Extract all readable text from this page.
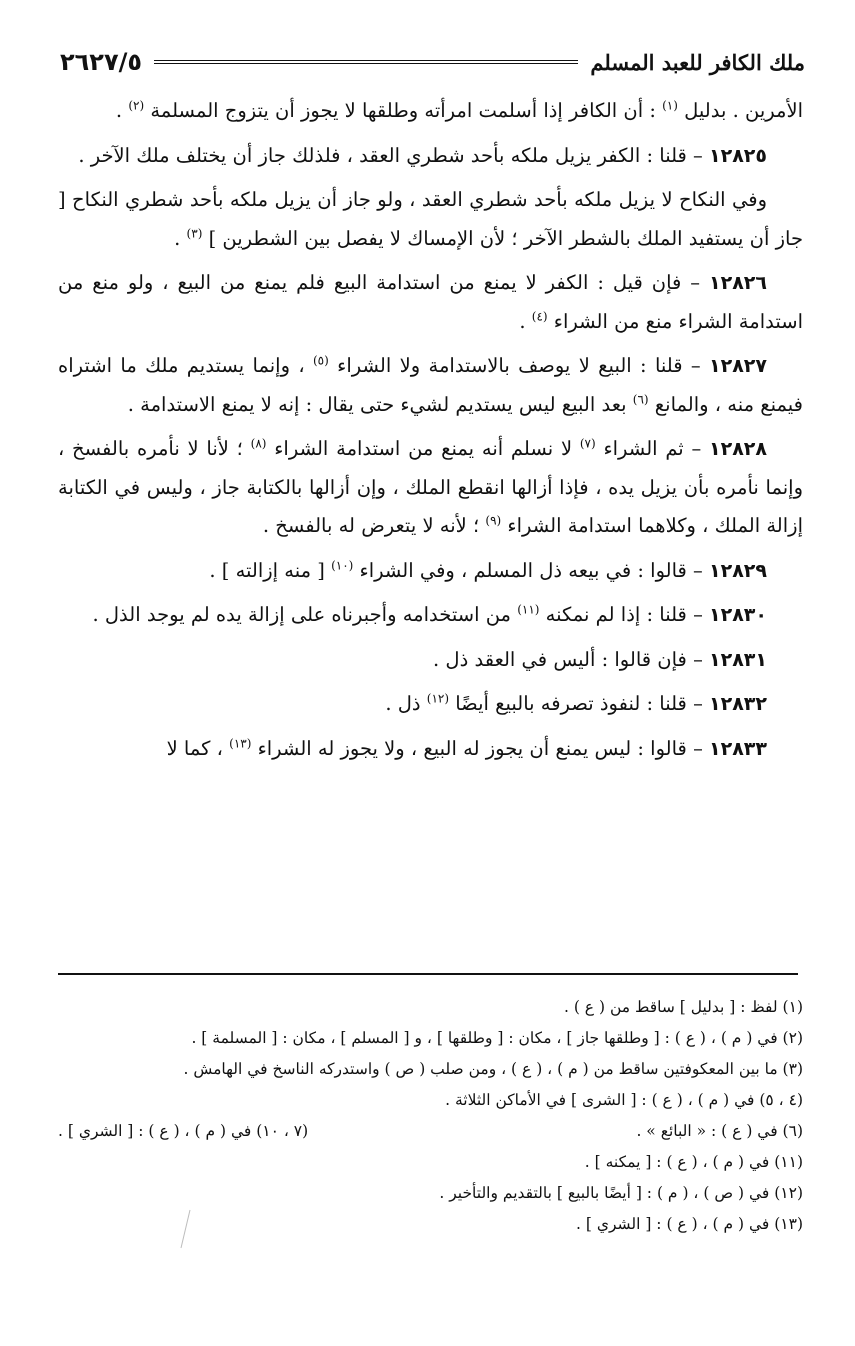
٢٦٢٧/٥	ملك الكافر للعبد المسلم

الأمرين . بدليل $^{(١)}$ : أن الكافر إذا أسلمت امرأته وطلقها لا يجوز أن يتزوج المسلمة $^{(٢)}$ .

١٢٨٢٥ – قلنا : الكفر يزيل ملكه بأحد شطري العقد ، فلذلك جاز أن يختلف ملك الآخر .

وفي النكاح لا يزيل ملكه بأحد شطري العقد ، ولو جاز أن يزيل ملكه بأحد شطري النكاح [ جاز أن يستفيد الملك بالشطر الآخر ؛ لأن الإمساك لا يفصل بين الشطرين ] $^{(٣)}$ .

١٢٨٢٦ – فإن قيل : الكفر لا يمنع من استدامة البيع فلم يمنع من البيع ، ولو منع من استدامة الشراء منع من الشراء $^{(٤)}$ .

١٢٨٢٧ – قلنا : البيع لا يوصف بالاستدامة ولا الشراء $^{(٥)}$ ، وإنما يستديم ملك ما اشتراه فيمنع منه ، والمانع $^{(٦)}$ بعد البيع ليس يستديم لشيء حتى يقال : إنه لا يمنع الاستدامة .

١٢٨٢٨ – ثم الشراء $^{(٧)}$ لا نسلم أنه يمنع من استدامة الشراء $^{(٨)}$ ؛ لأنا لا نأمره بالفسخ ، وإنما نأمره بأن يزيل يده ، فإذا أزالها انقطع الملك ، وإن أزالها بالكتابة جاز ، وليس في الكتابة إزالة الملك ، وكلاهما استدامة الشراء $^{(٩)}$ ؛ لأنه لا يتعرض له بالفسخ .

١٢٨٢٩ – قالوا : في بيعه ذل المسلم ، وفي الشراء $^{(١٠)}$ [ منه إزالته ] .

١٢٨٣٠ – قلنا : إذا لم نمكنه $^{(١١)}$ من استخدامه وأجبرناه على إزالة يده لم يوجد الذل .

١٢٨٣١ – فإن قالوا : أليس في العقد ذل .

١٢٨٣٢ – قلنا : لنفوذ تصرفه بالبيع أيضًا $^{(١٢)}$ ذل .

١٢٨٣٣ – قالوا : ليس يمنع أن يجوز له البيع ، ولا يجوز له الشراء $^{(١٣)}$ ، كما لا

(١) لفظ : [ بدليل ] ساقط من ( ع ) .

(٢) في ( م ) ، ( ع ) : [ وطلقها جاز ] ، مكان : [ وطلقها ] ، و [ المسلم ] ، مكان : [ المسلمة ] .

(٣) ما بين المعكوفتين ساقط من ( م ) ، ( ع ) ، ومن صلب ( ص ) واستدركه الناسخ في الهامش .

(٤ ، ٥) في ( م ) ، ( ع ) : [ الشرى ] في الأماكن الثلاثة .

(٦) في ( ع ) : « البائع » .
(٧ ، ١٠) في ( م ) ، ( ع ) : [ الشري ] .

(١١) في ( م ) ، ( ع ) : [ يمكنه ] .

(١٢) في ( ص ) ، ( م ) : [ أيضًا بالبيع ] بالتقديم والتأخير .

(١٣) في ( م ) ، ( ع ) : [ الشري ] .
